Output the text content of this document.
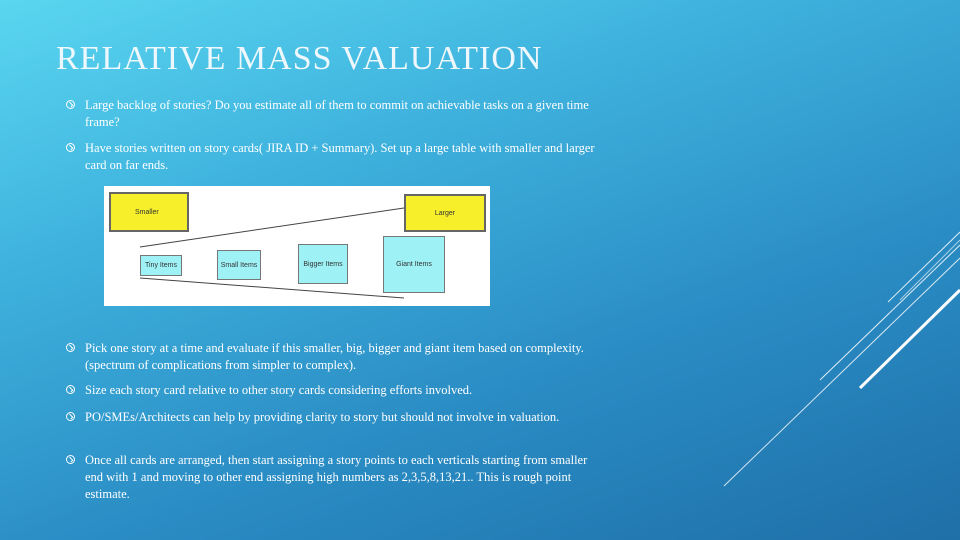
RELATIVE MASS VALUATION
Large backlog of stories? Do you estimate all of them to commit on achievable tasks on a given time frame?
Have stories written on story cards( JIRA ID + Summary). Set up a large table with smaller and larger card on far ends.
Smaller	Larger
Tiny Items	Small Items	Bigger Items	Giant Items
Pick one story at a time and evaluate if this smaller, big, bigger and giant item based on complexity. (spectrum of complications from simpler to complex).
Size each story card relative to other story cards considering efforts involved.
PO/SMEs/Architects can help by providing clarity to story but should not involve in valuation.
Once all cards are arranged, then start assigning a story points to each verticals starting from smaller end with 1 and moving to other end assigning high numbers as 2,3,5,8,13,21.. This is rough point estimate.
